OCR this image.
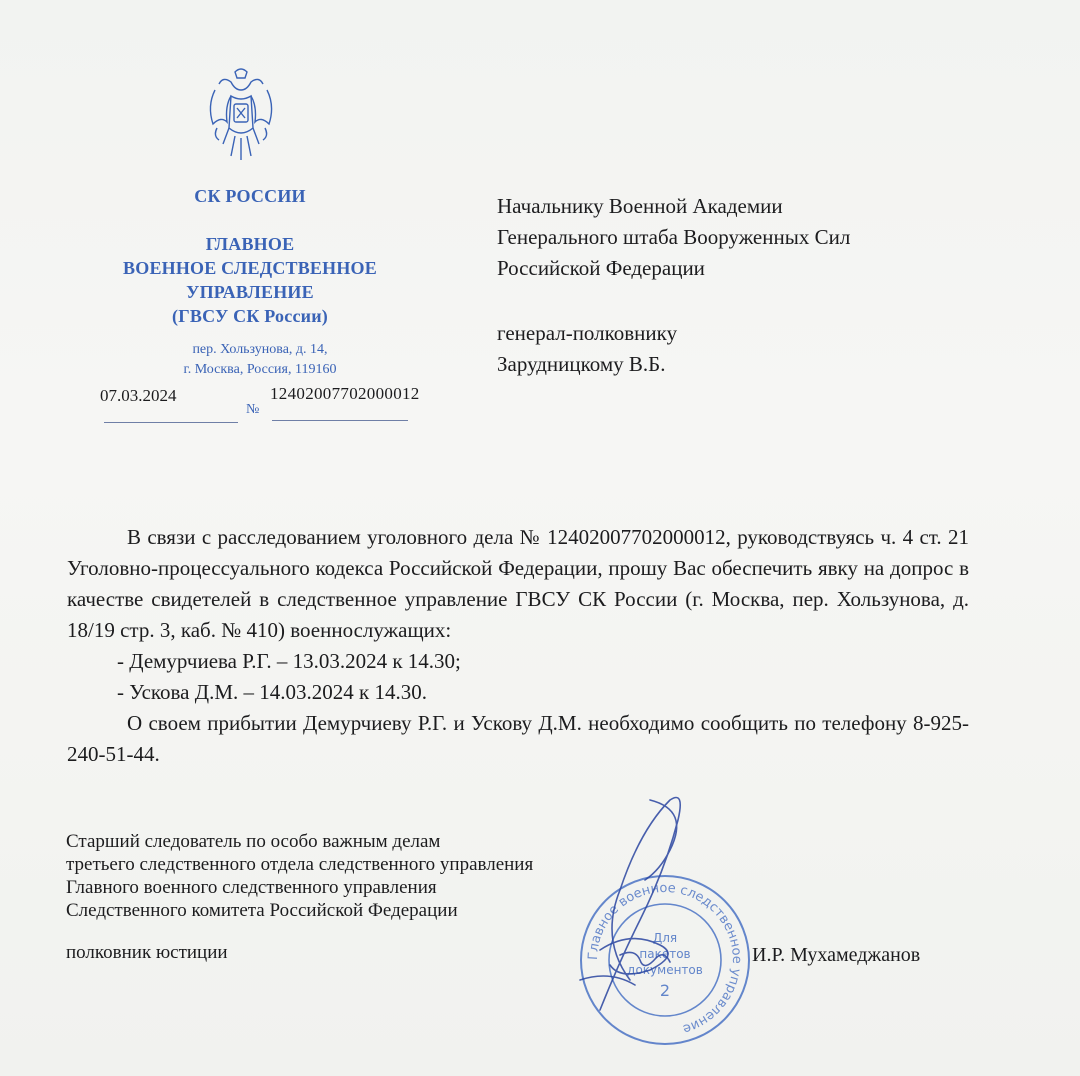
СК РОССИИ
ГЛАВНОЕ
ВОЕННОЕ СЛЕДСТВЕННОЕ
УПРАВЛЕНИЕ
(ГВСУ СК России)
пер. Хользунова, д. 14,
г. Москва, Россия, 119160
07.03.2024
№
12402007702000012
Начальнику Военной Академии
Генерального штаба Вооруженных Сил
Российской Федерации
генерал-полковнику
Зарудницкому В.Б.

В связи с расследованием уголовного дела № 12402007702000012, руководствуясь ч. 4 ст. 21 Уголовно-процессуального кодекса Российской Федерации, прошу Вас обеспечить явку на допрос в качестве свидетелей в следственное управление ГВСУ СК России (г. Москва, пер. Хользунова, д. 18/19 стр. 3, каб. № 410) военнослужащих:

- Демурчиева Р.Г. – 13.03.2024 к 14.30;

- Ускова Д.М. – 14.03.2024 к 14.30.

О своем прибытии Демурчиеву Р.Г. и Ускову Д.М. необходимо сообщить по телефону 8-925-240-51-44.

Старший следователь по особо важным делам
третьего следственного отдела следственного управления
Главного военного следственного управления
Следственного комитета Российской Федерации
полковник юстиции	И.Р. Мухамеджанов
Главное военное следственное управление
Для
пакетов
документов
2
